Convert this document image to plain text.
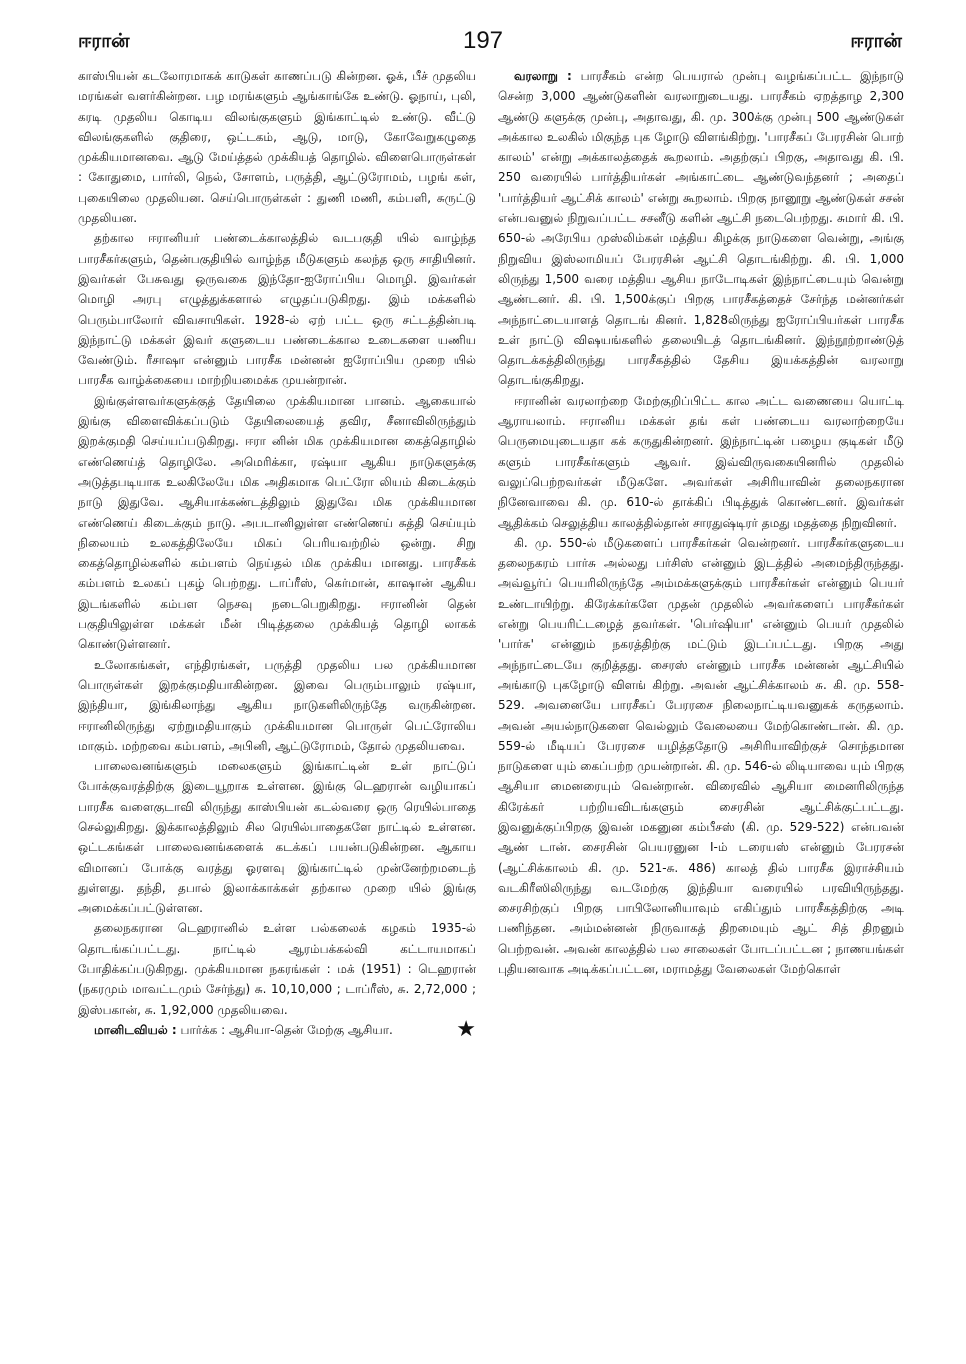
ஈரான்	197	ஈரான்

காஸ்பியன் கடலோரமாகக் காடுகள் காணப்படு கின்றன. ஓக், பீச் முதலிய மரங்கள் வளர்கின்றன. பழ மரங்களும் ஆங்காங்கே உண்டு. ஓநாய், புலி, கரடி முதலிய கொடிய விலங்குகளும் இங்காட்டில் உண்டு. வீட்டு விலங்குகளில் குதிரை, ஒட்டகம், ஆடு, மாடு, கோவேறுகழுதை முக்கியமானவை. ஆடு மேய்த்தல் முக்கியத் தொழில். விளைபொருள்கள் : கோதுமை, பார்லி, நெல், சோளம், பருத்தி, ஆட்டுரோமம், பழங் கள், புகையிலை முதலியன. செய்பொருள்கள் : துணி மணி, கம்பளி, சுருட்டு முதலியன.

தற்கால ஈரானியர் பண்டைக்காலத்தில் வடபகுதி யில் வாழ்ந்த பாரசீகர்களும், தென்பகுதியில் வாழ்ந்த மீடுகளும் கலந்த ஒரு சாதியினர். இவர்கள் பேசுவது ஒருவகை இந்தோ-ஐரோப்பிய மொழி. இவர்கள் மொழி அரபு எழுத்துக்களால் எழுதப்படுகிறது. இம் மக்களில் பெரும்பாலோர் விவசாயிகள். 1928-ல் ஏற் பட்ட ஒரு சட்டத்தின்படி இந்நாட்டு மக்கள் இவர் களுடைய பண்டைக்கால உடைகளை யணிய வேண்டும். ரீசாஷா என்னும் பாரசீக மன்னன் ஐரோப்பிய முறை யில் பாரசீக வாழ்க்கையை மாற்றியமைக்க முயன்றான்.

இங்குள்ளவர்களுக்குத் தேயிலை முக்கியமான பானம். ஆகையால் இங்கு விளைவிக்கப்படும் தேயிலையைத் தவிர, சீனாவிலிருந்தும் இறக்குமதி செய்யப்படுகிறது. ஈரா னின் மிக முக்கியமான கைத்தொழில் எண்ணெய்த் தொழிலே. அமெரிக்கா, ரஷ்யா ஆகிய நாடுகளுக்கு அடுத்தபடியாக உலகிலேயே மிக அதிகமாக பெட்ரோ லியம் கிடைக்கும் நாடு இதுவே. ஆசியாக்கண்டத்திலும் இதுவே மிக முக்கியமான எண்ணெய் கிடைக்கும் நாடு. அபடானிலுள்ள எண்ணெய் சுத்தி செய்யும் நிலையம் உலகத்திலேயே மிகப் பெரியவற்றில் ஒன்று. சிறு கைத்தொழில்களில் கம்பளம் நெய்தல் மிக முக்கிய மானது. பாரசீகக் கம்பளம் உலகப் புகழ் பெற்றது. டாப்ரீஸ், கெர்மான், காஷான் ஆகிய இடங்களில் கம்பள நெசவு நடைபெறுகிறது. ஈரானின் தென் பகுதியிலுள்ள மக்கள் மீன் பிடித்தலை முக்கியத் தொழி லாகக் கொண்டுள்ளனர்.

உலோகங்கள், எந்திரங்கள், பருத்தி முதலிய பல முக்கியமான பொருள்கள் இறக்குமதியாகின்றன. இவை பெரும்பாலும் ரஷ்யா, இந்தியா, இங்கிலாந்து ஆகிய நாடுகளிலிருந்தே வருகின்றன. ஈரானிலிருந்து ஏற்றுமதியாகும் முக்கியமான பொருள் பெட்ரோலிய மாகும். மற்றவை கம்பளம், அபினி, ஆட்டுரோமம், தோல் முதலியவை.

பாலைவனங்களும் மலைகளும் இங்காட்டின் உள் நாட்டுப் போக்குவரத்திற்கு இடையூறாக உள்ளன. இங்கு டெஹரான் வழியாகப் பாரசீக வளைகுடாவி லிருந்து காஸ்பியன் கடல்வரை ஒரு ரெயில்பாதை செல்லுகிறது. இக்காலத்திலும் சில ரெயில்பாதைகளே நாட்டில் உள்ளன. ஒட்டகங்கள் பாலைவனங்களைக் கடக்கப் பயன்படுகின்றன. ஆகாய விமானப் போக்கு வரத்து ஓரளவு இங்காட்டில் முன்னேற்றமடைந் துள்ளது. தந்தி, தபால் இலாக்காக்கள் தற்கால முறை யில் இங்கு அமைக்கப்பட்டுள்ளன.

தலைநகரான டெஹரானில் உள்ள பல்கலைக் கழகம் 1935-ல் தொடங்கப்பட்டது. நாட்டில் ஆரம்பக்கல்வி கட்டாயமாகப் போதிக்கப்படுகிறது. முக்கியமான நகரங்கள் : மக் (1951) : டெஹரான் (நகரமும் மாவட்டமும் சேர்ந்து) சு. 10,10,000 ; டாப்ரீஸ், சு. 2,72,000 ; இஸ்பகான், சு. 1,92,000 முதலியவை.

மானிடவியல் : பார்க்க : ஆசியா-தென் மேற்கு ஆசியா.	★

வரலாறு : பாரசீகம் என்ற பெயரால் முன்பு வழங்கப்பட்ட இந்நாடு சென்ற 3,000 ஆண்டுகளின் வரலாறுடையது. பாரசீகம் ஏறத்தாழ 2,300 ஆண்டு களுக்கு முன்பு, அதாவது, கி. மு. 300க்கு முன்பு 500 ஆண்டுகள் அக்கால உலகில் மிகுந்த புக ழோடு விளங்கிற்று. 'பாரசீகப் பேரரசின் பொற் காலம்' என்று அக்காலத்தைக் கூறலாம். அதற்குப் பிறகு, அதாவது கி. பி. 250 வரையில் பார்த்தியர்கள் அங்காட்டை ஆண்டுவந்தனர் ; அதைப் 'பார்த்தியர் ஆட்சிக் காலம்' என்று கூறலாம். பிறகு நானூறு ஆண்டுகள் சசன் என்பவனுல் நிறுவப்பட்ட சசனீடு களின் ஆட்சி நடைபெற்றது. சுமார் கி. பி. 650-ல் அரேபிய முஸ்லிம்கள் மத்திய கிழக்கு நாடுகளை வென்று, அங்கு நிறுவிய இஸ்லாமியப் பேரரசின் ஆட்சி தொடங்கிற்று. கி. பி. 1,000 லிருந்து 1,500 வரை மத்திய ஆசிய நாடோடிகள் இந்நாட்டையும் வென்று ஆண்டனர். கி. பி. 1,500க்குப் பிறகு பாரசீகத்தைச் சேர்ந்த மன்னர்கள் அந்நாட்டையாளத் தொடங் கினர். 1,828லிருந்து ஐரோப்பியர்கள் பாரசீக உள் நாட்டு விஷயங்களில் தலையிடத் தொடங்கினர். இந்நூற்றாண்டுத் தொடக்கத்திலிருந்து பாரசீகத்தில் தேசிய இயக்கத்தின் வரலாறு தொடங்குகிறது.

ஈரானின் வரலாற்றை மேற்குறிப்பிட்ட கால அட்ட வணையை யொட்டி ஆராயலாம். ஈரானிய மக்கள் தங் கள் பண்டைய வரலாற்றையே பெருமையுடையதா கக் கருதுகின்றனர். இந்நாட்டின் பழைய குடிகள் மீடு களும் பாரசீகர்களும் ஆவர். இவ்விருவகையினரில் முதலில் வலுப்பெற்றவர்கள் மீடுகளே. அவர்கள் அசிரியாவின் தலைநகரான நினேவாவை கி. மு. 610-ல் தாக்கிப் பிடித்துக் கொண்டனர். இவர்கள் ஆதிக்கம் செலுத்திய காலத்தில்தான் சாரதுஷ்டிரர் தமது மதத்தை நிறுவினர்.

கி. மு. 550-ல் மீடுகளைப் பாரசீகர்கள் வென்றனர். பாரசீகர்களுடைய தலைநகரம் பார்சு அல்லது பர்சிஸ் என்னும் இடத்தில் அமைந்திருந்தது. அவ்வூர்ப் பெயரிலிருந்தே அம்மக்களுக்கும் பாரசீகர்கள் என்னும் பெயர் உண்டாயிற்று. கிரேக்கர்களே முதன் முதலில் அவர்களைப் பாரசீகர்கள் என்று பெயரிட்டழைத் தவர்கள். 'பெர்ஷியா' என்னும் பெயர் முதலில் 'பார்சு' என்னும் நகரத்திற்கு மட்டும் இடப்பட்டது. பிறகு அது அந்நாட்டையே குறித்தது. சைரஸ் என்னும் பாரசீக மன்னன் ஆட்சியில் அங்காடு புகழோடு விளங் கிற்று. அவன் ஆட்சிக்காலம் சு. கி. மு. 558-529. அவனையே பாரசீகப் பேரரசை நிலைநாட்டியவனுகக் கருதலாம். அவன் அயல்நாடுகளை வெல்லும் வேலையை மேற்கொண்டான். கி. மு. 559-ல் மீடியப் பேரரசை யழித்ததோடு அசிரியாவிற்குச் சொந்தமான நாடுகளை யும் கைப்பற்ற முயன்றான். கி. மு. 546-ல் லிடியாவை யும் பிறகு ஆசியா மைனரையும் வென்றான். விரைவில் ஆசியா மைனரிலிருந்த கிரேக்கர் பற்றியவிடங்களும் சைரசின் ஆட்சிக்குட்பட்டது. இவனுக்குப்பிறகு இவன் மகனுன கம்பீசஸ் (கி. மு. 529-522) என்பவன் ஆண் டான். சைரசின் பெயரனுன I-ம் டரையஸ் என்னும் பேரரசன் (ஆட்சிக்காலம் கி. மு. 521-சு. 486) காலத் தில் பாரசீக இராச்சியம் வடகிரீஸிலிருந்து வடமேற்கு இந்தியா வரையில் பரவியிருந்தது. சைரசிற்குப் பிறகு பாபிலோனியாவும் எகிப்தும் பாரசீகத்திற்கு அடி பணிந்தன. அம்மன்னன் நிருவாகத் திறமையும் ஆட் சித் திறனும் பெற்றவன். அவன் காலத்தில் பல சாலைகள் போடப்பட்டன ; நாணயங்கள் புதியனவாக அடிக்கப்பட்டன, மராமத்து வேலைகள் மேற்கொள்
